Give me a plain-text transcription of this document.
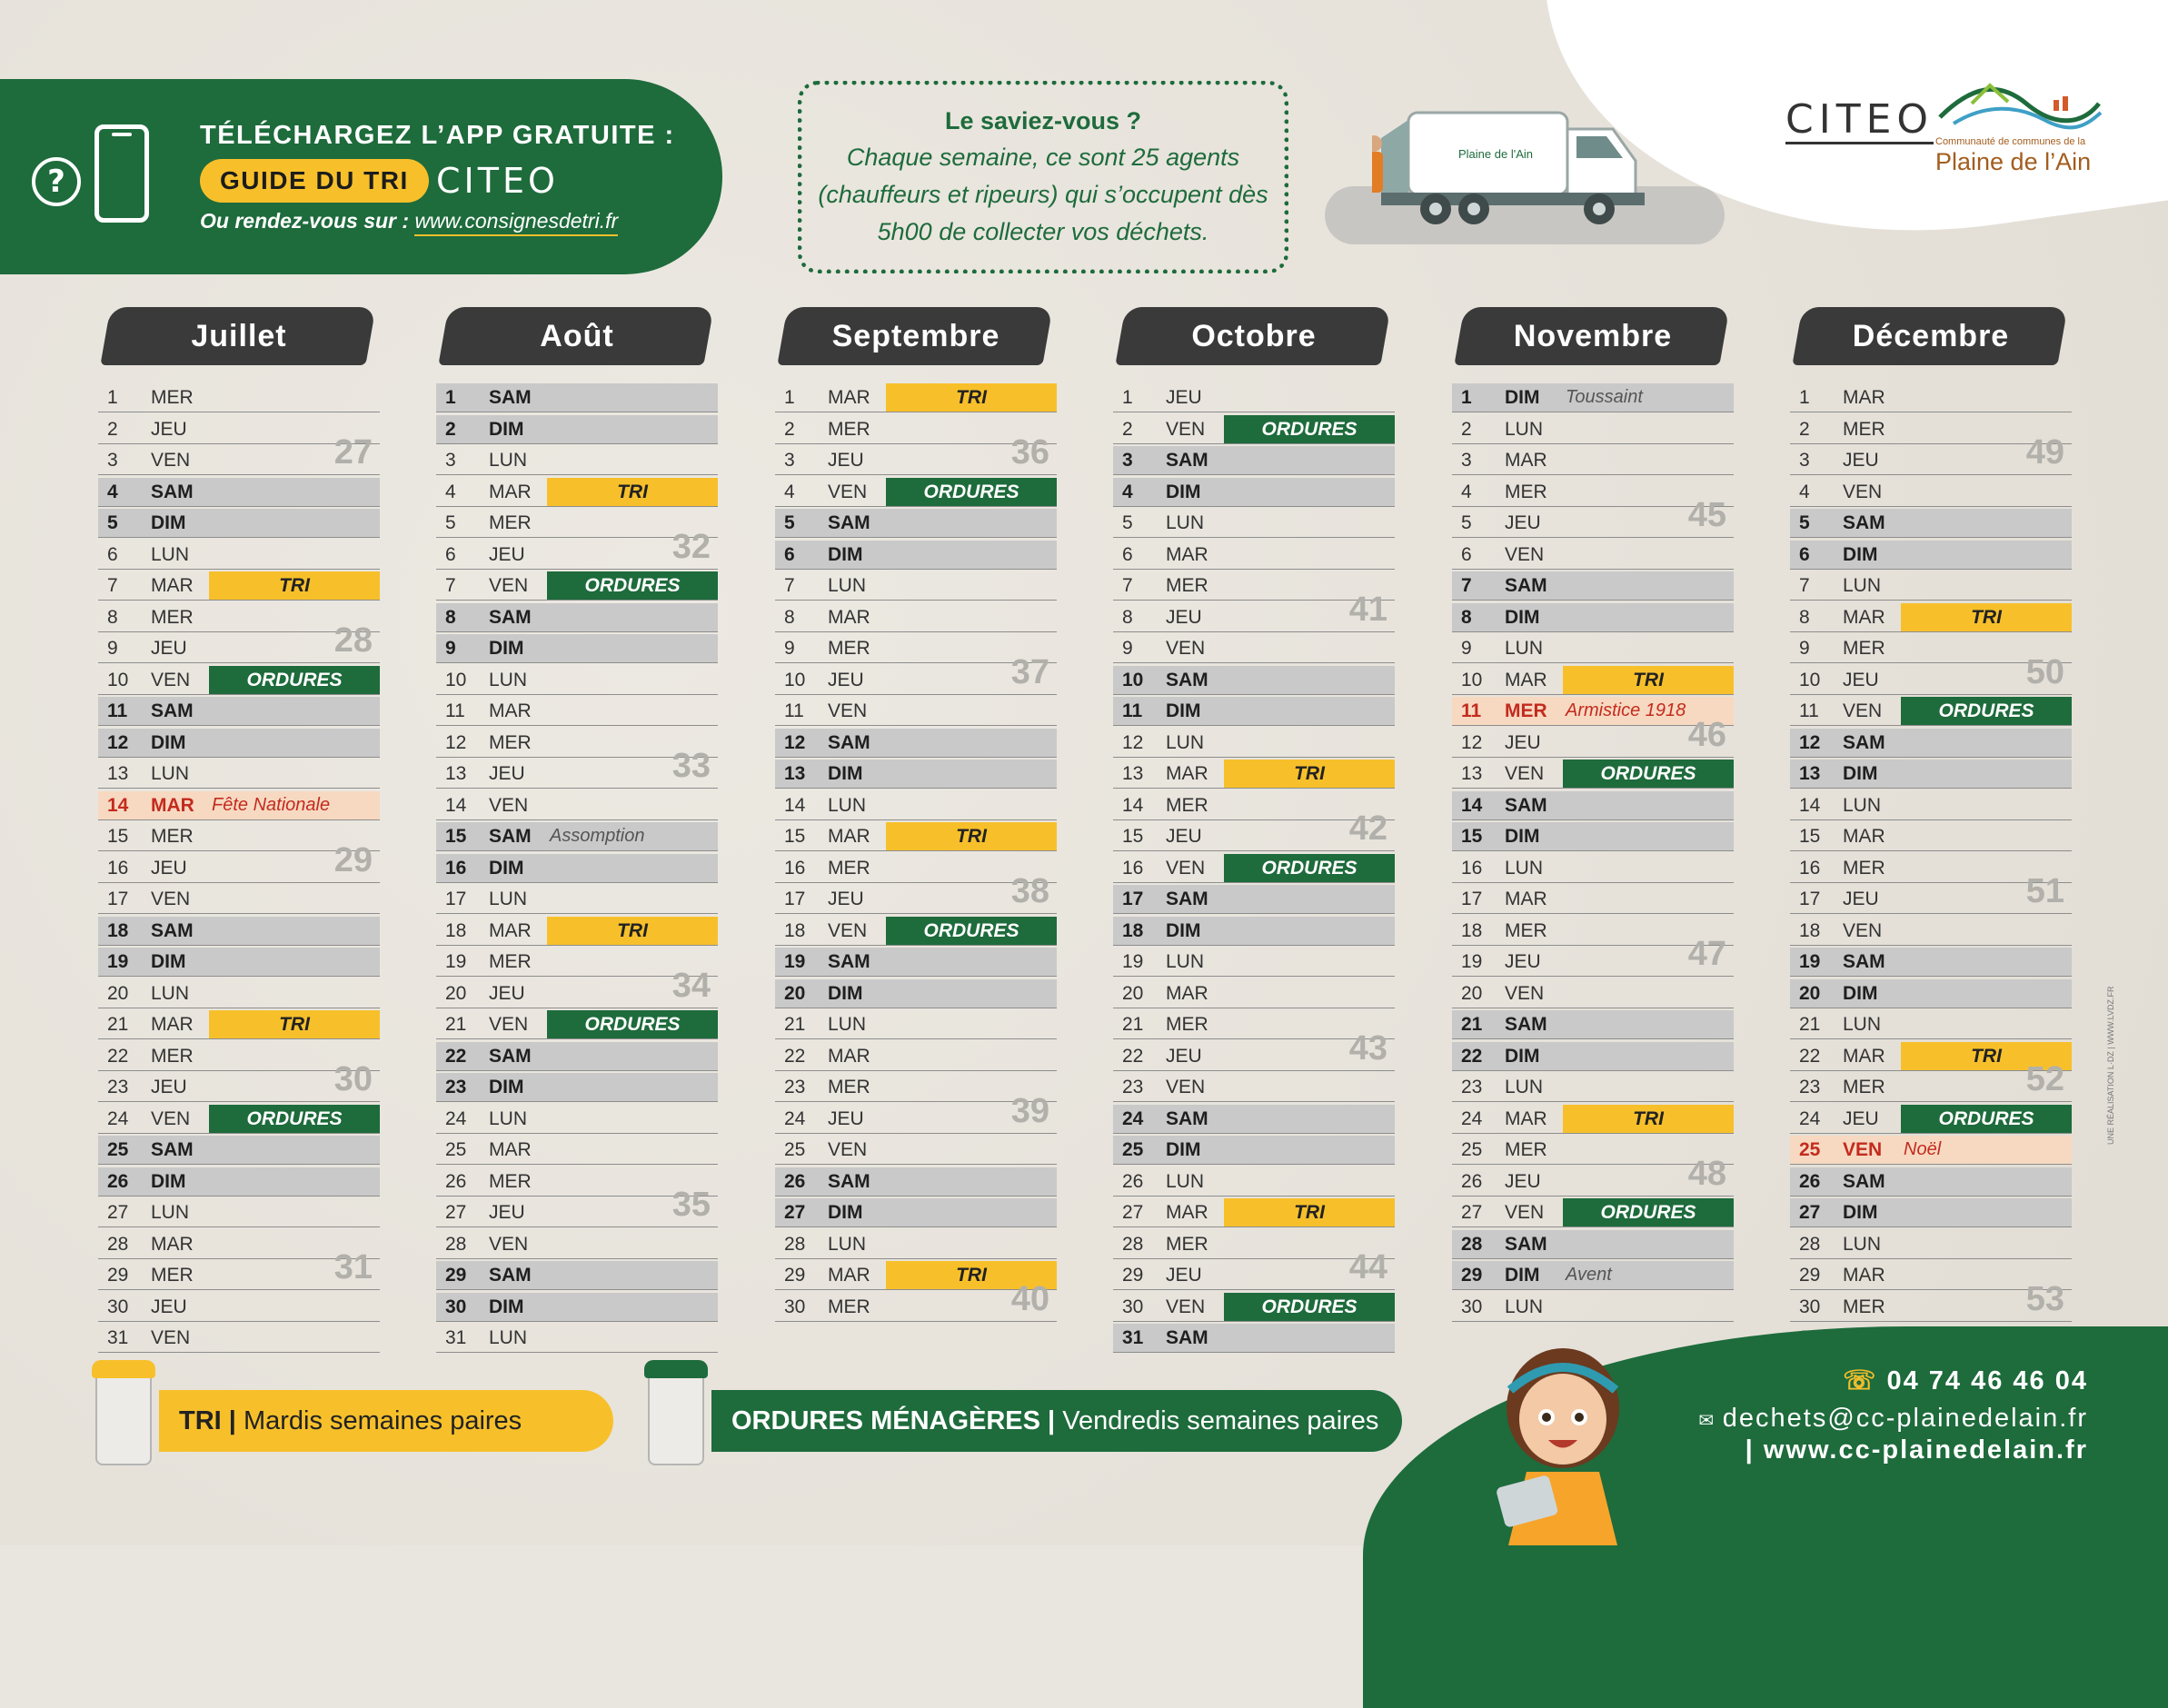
?
TÉLÉCHARGEZ L’APP GRATUITE :
GUIDE DU TRI CITEO
Ou rendez-vous sur : www.consignesdetri.fr
Le saviez-vous ?
Chaque semaine, ce sont 25 agents (chauffeurs et ripeurs) qui s’occupent dès 5h00 de collecter vos déchets.
Plaine de l'Ain
CITEO Communauté de communes de la
Plaine de l’Ain
Juillet
1	MER
2	JEU
3	VEN	27
4	SAM
5	DIM
6	LUN
7	MAR	TRI
8	MER
9	JEU	28
10	VEN	ORDURES
11	SAM
12	DIM
13	LUN
14	MAR Fête Nationale
15	MER
16	JEU	29
17	VEN
18	SAM
19	DIM
20	LUN
21	MAR	TRI
22	MER
23	JEU	30
24	VEN	ORDURES
25	SAM
26	DIM
27	LUN
28	MAR
29	MER	31
30	JEU
31	VEN
Août
1	SAM
2	DIM
3	LUN
4	MAR	TRI
5	MER
6	JEU	32
7	VEN	ORDURES
8	SAM
9	DIM
10	LUN
11	MAR
12	MER
13	JEU	33
14	VEN
15	SAM Assomption
16	DIM
17	LUN
18	MAR	TRI
19	MER
20	JEU	34
21	VEN	ORDURES
22	SAM
23	DIM
24	LUN
25	MAR
26	MER
27	JEU	35
28	VEN
29	SAM
30	DIM
31	LUN
Septembre
1	MAR	TRI
2	MER
3	JEU	36
4	VEN	ORDURES
5	SAM
6	DIM
7	LUN
8	MAR
9	MER
10	JEU	37
11	VEN
12	SAM
13	DIM
14	LUN
15	MAR	TRI
16	MER
17	JEU	38
18	VEN	ORDURES
19	SAM
20	DIM
21	LUN
22	MAR
23	MER
24	JEU	39
25	VEN
26	SAM
27	DIM
28	LUN
29	MAR	TRI
30	MER	40
Octobre
1	JEU
2	VEN	ORDURES
3	SAM
4	DIM
5	LUN
6	MAR
7	MER
8	JEU	41
9	VEN
10	SAM
11	DIM
12	LUN
13	MAR	TRI
14	MER
15	JEU	42
16	VEN	ORDURES
17	SAM
18	DIM
19	LUN
20	MAR
21	MER
22	JEU	43
23	VEN
24	SAM
25	DIM
26	LUN
27	MAR	TRI
28	MER
29	JEU	44
30	VEN	ORDURES
31	SAM
Novembre
1	DIM Toussaint
2	LUN
3	MAR
4	MER
5	JEU	45
6	VEN
7	SAM
8	DIM
9	LUN
10	MAR	TRI
11	MER Armistice 1918
12	JEU	46
13	VEN	ORDURES
14	SAM
15	DIM
16	LUN
17	MAR
18	MER
19	JEU	47
20	VEN
21	SAM
22	DIM
23	LUN
24	MAR	TRI
25	MER
26	JEU	48
27	VEN	ORDURES
28	SAM
29	DIM Avent
30	LUN
Décembre
1	MAR
2	MER
3	JEU	49
4	VEN
5	SAM
6	DIM
7	LUN
8	MAR	TRI
9	MER
10	JEU	50
11	VEN	ORDURES
12	SAM
13	DIM
14	LUN
15	MAR
16	MER
17	JEU	51
18	VEN
19	SAM
20	DIM
21	LUN
22	MAR	TRI
23	MER	52
24	JEU	ORDURES
25	VEN Noël
26	SAM
27	DIM
28	LUN
29	MAR
30	MER	53
TRI | Mardis semaines paires	ORDURES MÉNAGÈRES | Vendredis semaines paires
☏ 04 74 46 46 04
✉ dechets@cc-plainedelain.fr
| www.cc-plainedelain.fr
UNE RÉALISATION L·DZ | WWW.LVDZ.FR
